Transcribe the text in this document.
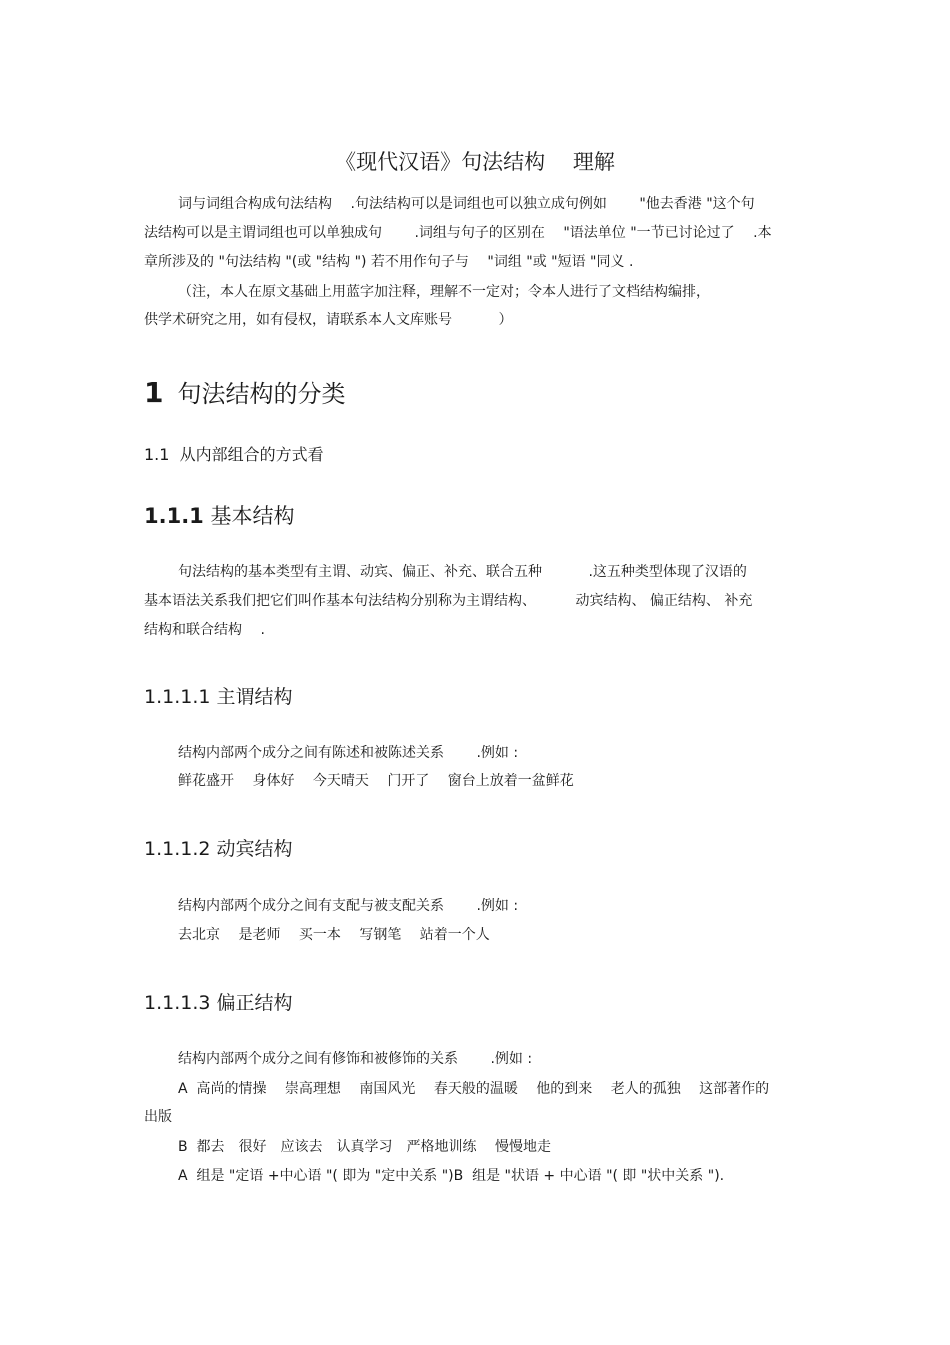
《现代汉语》句法结构　 理解
词与词组合构成句法结构　 .句法结构可以是词组也可以独立成句例如　　 "他去香港 "这个句
法结构可以是主谓词组也可以单独成句　　 .词组与句子的区别在　 "语法单位 "一节已讨论过了　 .本
章所涉及的 "句法结构 "(或 "结构 ") 若不用作句子与　 "词组 "或 "短语 "同义 .
（注，本人在原文基础上用蓝字加注释，理解不一定对；令本人进行了文档结构编排，
供学术研究之用，如有侵权，请联系本人文库账号　　　 ）
1 句法结构的分类
1.1  从内部组合的方式看
1.1.1 基本结构
句法结构的基本类型有主谓、动宾、偏正、补充、联合五种　　　 .这五种类型体现了汉语的
基本语法关系我们把它们叫作基本句法结构分别称为主谓结构、　　　 动宾结构、 偏正结构、 补充
结构和联合结构　 .
1.1.1.1 主谓结构
结构内部两个成分之间有陈述和被陈述关系　　 .例如 :
鲜花盛开　 身体好　 今天晴天　 门开了　 窗台上放着一盆鲜花
1.1.1.2 动宾结构
结构内部两个成分之间有支配与被支配关系　　 .例如 :
去北京　 是老师　 买一本　 写钢笔　 站着一个人
1.1.1.3 偏正结构
结构内部两个成分之间有修饰和被修饰的关系　　 .例如 :
A  高尚的情操　 崇高理想　 南国风光　 春天般的温暖　 他的到来　 老人的孤独　 这部著作的
出版
B  都去　很好　应该去　认真学习　严格地训练　 慢慢地走
A  组是 "定语 +中心语 "( 即为 "定中关系 ")B  组是 "状语 + 中心语 "( 即 "状中关系 ").
